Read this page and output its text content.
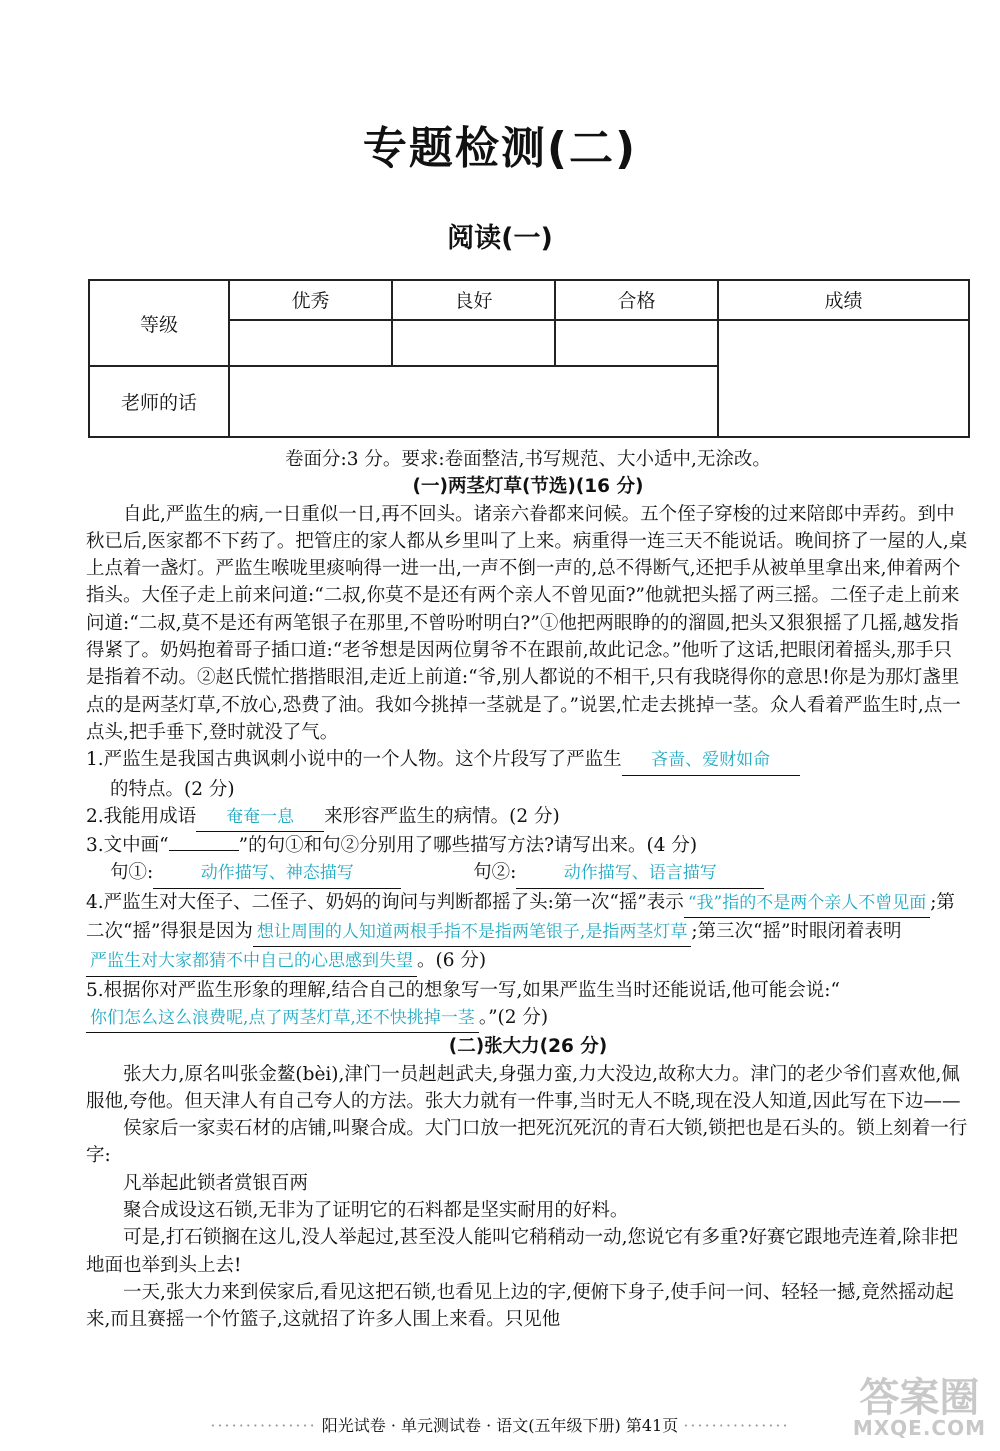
专题检测(二)
阅读(一)
等级	优秀	良好	合格	成绩

老师的话				

卷面分:3 分。要求:卷面整洁,书写规范、大小适中,无涂改。

(一)两茎灯草(节选)(16 分)

自此,严监生的病,一日重似一日,再不回头。诸亲六眷都来问候。五个侄子穿梭的过来陪郎中弄药。到中秋已后,医家都不下药了。把管庄的家人都从乡里叫了上来。病重得一连三天不能说话。晚间挤了一屋的人,桌上点着一盏灯。严监生喉咙里痰响得一进一出,一声不倒一声的,总不得断气,还把手从被单里拿出来,伸着两个指头。大侄子走上前来问道:“二叔,你莫不是还有两个亲人不曾见面?”他就把头摇了两三摇。二侄子走上前来问道:“二叔,莫不是还有两笔银子在那里,不曾吩咐明白?”①他把两眼睁的的溜圆,把头又狠狠摇了几摇,越发指得紧了。奶妈抱着哥子插口道:“老爷想是因两位舅爷不在跟前,故此记念。”他听了这话,把眼闭着摇头,那手只是指着不动。②赵氏慌忙揩揩眼泪,走近上前道:“爷,别人都说的不相干,只有我晓得你的意思!你是为那灯盏里点的是两茎灯草,不放心,恐费了油。我如今挑掉一茎就是了。”说罢,忙走去挑掉一茎。众人看着严监生时,点一点头,把手垂下,登时就没了气。

1.严监生是我国古典讽刺小说中的一个人物。这个片段写了严监生 吝啬、爱财如命

的特点。(2 分)

2.我能用成语 奄奄一息 来形容严监生的病情。(2 分)

3.文中画“	”的句①和句②分别用了哪些描写方法?请写出来。(4 分)

句①:	动作描写、神态描写	句②:	动作描写、语言描写

4.严监生对大侄子、二侄子、奶妈的询问与判断都摇了头:第一次“摇”表示 “我”指的不是两个亲人不曾见面 ;第二次“摇”得狠是因为 想让周围的人知道两根手指不是指两笔银子,是指两茎灯草 ;第三次“摇”时眼闭着表明严监生对大家都猜不中自己的心思感到失望 。(6 分)

5.根据你对严监生形象的理解,结合自己的想象写一写,如果严监生当时还能说话,他可能会说:“你们怎么这么浪费呢,点了两茎灯草,还不快挑掉一茎 。”(2 分)

(二)张大力(26 分)

张大力,原名叫张金鳌(bèi),津门一员赳赳武夫,身强力蛮,力大没边,故称大力。津门的老少爷们喜欢他,佩服他,夸他。但天津人有自己夸人的方法。张大力就有一件事,当时无人不晓,现在没人知道,因此写在下边——

侯家后一家卖石材的店铺,叫聚合成。大门口放一把死沉死沉的青石大锁,锁把也是石头的。锁上刻着一行字:

凡举起此锁者赏银百两

聚合成设这石锁,无非为了证明它的石料都是坚实耐用的好料。

可是,打石锁搁在这儿,没人举起过,甚至没人能叫它稍稍动一动,您说它有多重?好赛它跟地壳连着,除非把地面也举到头上去!

一天,张大力来到侯家后,看见这把石锁,也看见上边的字,便俯下身子,使手问一问、轻轻一撼,竟然摇动起来,而且赛摇一个竹篮子,这就招了许多人围上来看。只见他

··············· 阳光试卷 · 单元测试卷 · 语文(五年级下册) 第41页 ···············
答案圈
MXQE.COM
